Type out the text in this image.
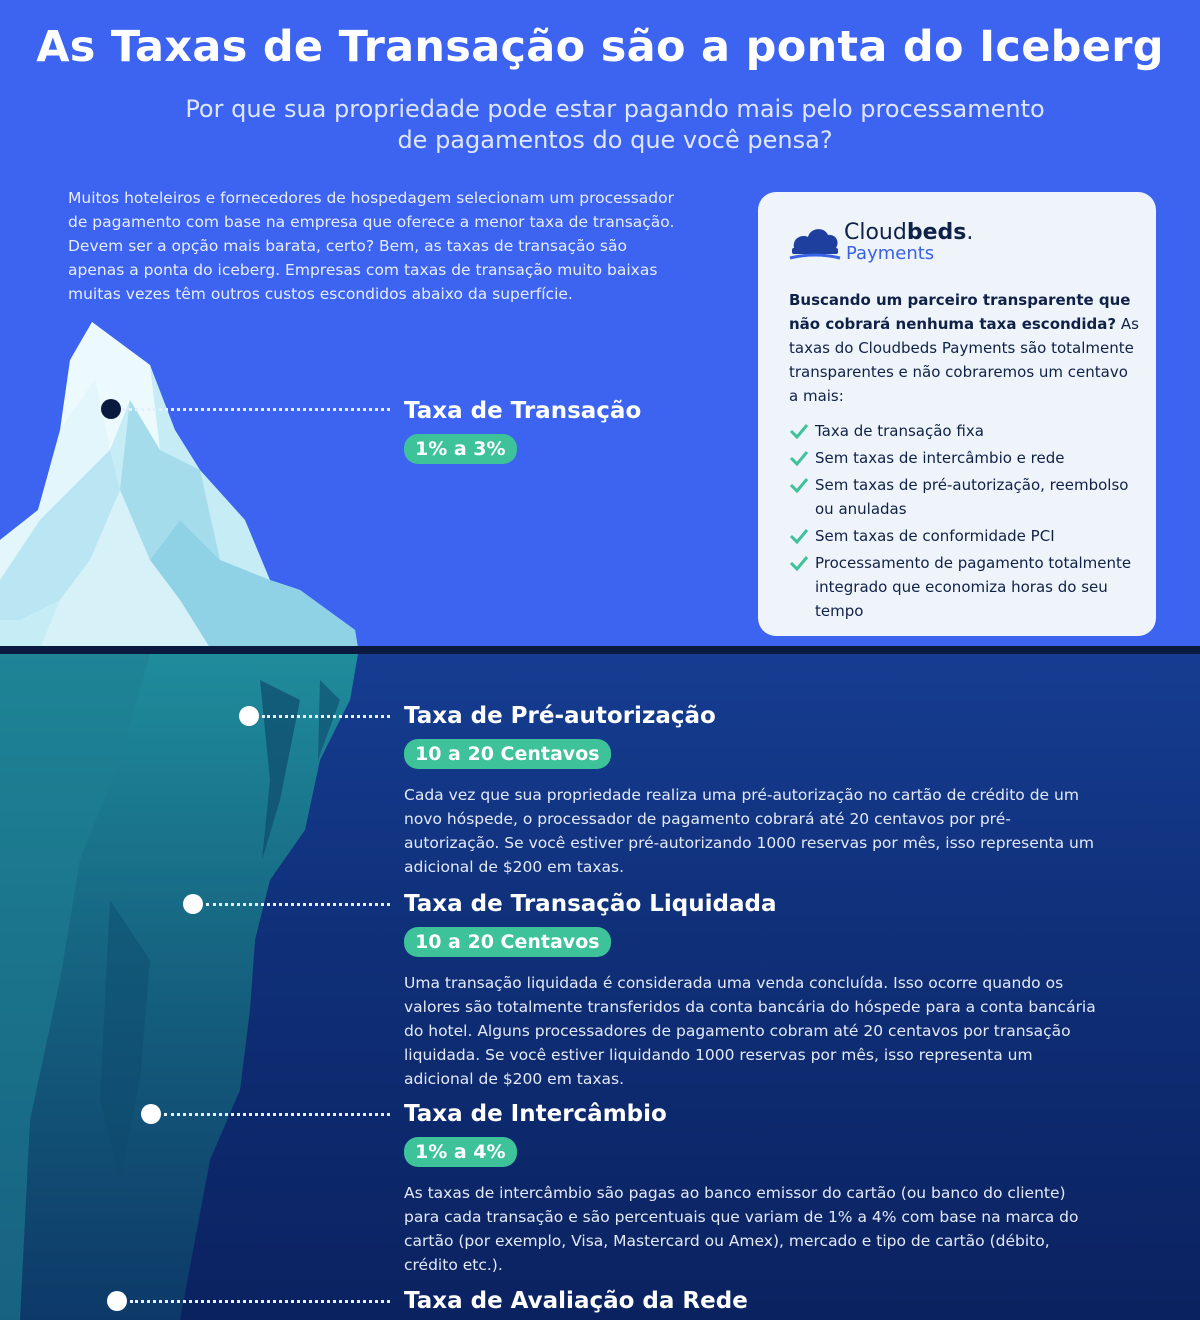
As Taxas de Transação são a ponta do Iceberg

Por que sua propriedade pode estar pagando mais pelo processamento
de pagamentos do que você pensa?

Muitos hoteleiros e fornecedores de hospedagem selecionam um processador de pagamento com base na empresa que oferece a menor taxa de transação. Devem ser a opção mais barata, certo? Bem, as taxas de transação são apenas a ponta do iceberg. Empresas com taxas de transação muito baixas muitas vezes têm outros custos escondidos abaixo da superfície.
Cloudbeds.
Payments
Buscando um parceiro transparente que não cobrará nenhuma taxa escondida? As taxas do Cloudbeds Payments são totalmente transparentes e não cobraremos um centavo a mais:
Taxa de transação fixa
Sem taxas de intercâmbio e rede
Sem taxas de pré-autorização, reembolso ou anuladas
Sem taxas de conformidade PCI
Processamento de pagamento totalmente integrado que economiza horas do seu tempo
Taxa de Transação
1% a 3%
Taxa de Pré-autorização
10 a 20 Centavos
Cada vez que sua propriedade realiza uma pré-autorização no cartão de crédito de um novo hóspede, o processador de pagamento cobrará até 20 centavos por pré-autorização. Se você estiver pré-autorizando 1000 reservas por mês, isso representa um adicional de $200 em taxas.
Taxa de Transação Liquidada
10 a 20 Centavos
Uma transação liquidada é considerada uma venda concluída. Isso ocorre quando os valores são totalmente transferidos da conta bancária do hóspede para a conta bancária do hotel. Alguns processadores de pagamento cobram até 20 centavos por transação liquidada. Se você estiver liquidando 1000 reservas por mês, isso representa um adicional de $200 em taxas.
Taxa de Intercâmbio
1% a 4%
As taxas de intercâmbio são pagas ao banco emissor do cartão (ou banco do cliente) para cada transação e são percentuais que variam de 1% a 4% com base na marca do cartão (por exemplo, Visa, Mastercard ou Amex), mercado e tipo de cartão (débito, crédito etc.).
Taxa de Avaliação da Rede
